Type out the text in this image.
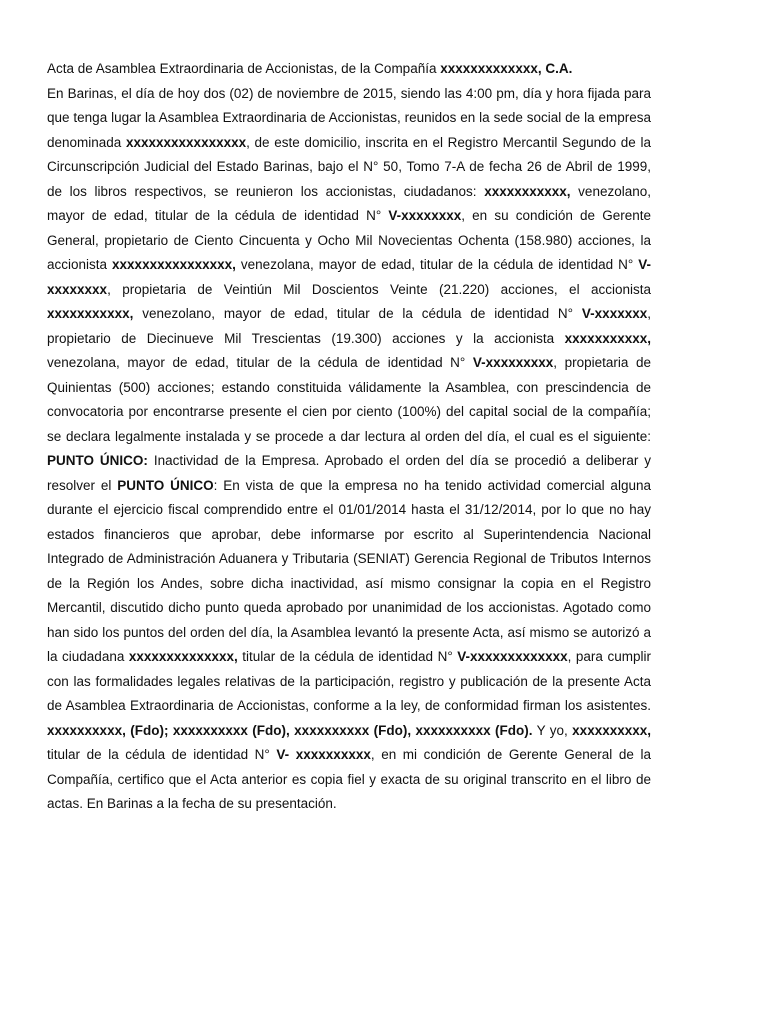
Acta de Asamblea Extraordinaria de Accionistas, de la Compañía xxxxxxxxxxxxx, C.A.
En Barinas, el día de hoy dos (02) de noviembre de 2015, siendo las 4:00 pm, día y hora fijada para que tenga lugar la Asamblea Extraordinaria de Accionistas, reunidos en la sede social de la empresa denominada xxxxxxxxxxxxxxxx, de este domicilio, inscrita en el Registro Mercantil Segundo de la Circunscripción Judicial del Estado Barinas, bajo el N° 50, Tomo 7-A de fecha 26 de Abril de 1999, de los libros respectivos, se reunieron los accionistas, ciudadanos: xxxxxxxxxxx, venezolano, mayor de edad, titular de la cédula de identidad N° V-xxxxxxxx, en su condición de Gerente General, propietario de Ciento Cincuenta y Ocho Mil Novecientas Ochenta (158.980) acciones, la accionista xxxxxxxxxxxxxxxx, venezolana, mayor de edad, titular de la cédula de identidad N° V-xxxxxxxx, propietaria de Veintiún Mil Doscientos Veinte (21.220) acciones, el accionista xxxxxxxxxxx, venezolano, mayor de edad, titular de la cédula de identidad N° V-xxxxxxx, propietario de Diecinueve Mil Trescientas (19.300) acciones y la accionista xxxxxxxxxxx, venezolana, mayor de edad, titular de la cédula de identidad N° V-xxxxxxxxx, propietaria de Quinientas (500) acciones; estando constituida válidamente la Asamblea, con prescindencia de convocatoria por encontrarse presente el cien por ciento (100%) del capital social de la compañía; se declara legalmente instalada y se procede a dar lectura al orden del día, el cual es el siguiente: PUNTO ÚNICO: Inactividad de la Empresa. Aprobado el orden del día se procedió a deliberar y resolver el PUNTO ÚNICO: En vista de que la empresa no ha tenido actividad comercial alguna durante el ejercicio fiscal comprendido entre el 01/01/2014 hasta el 31/12/2014, por lo que no hay estados financieros que aprobar, debe informarse por escrito al Superintendencia Nacional Integrado de Administración Aduanera y Tributaria (SENIAT) Gerencia Regional de Tributos Internos de la Región los Andes, sobre dicha inactividad, así mismo consignar la copia en el Registro Mercantil, discutido dicho punto queda aprobado por unanimidad de los accionistas. Agotado como han sido los puntos del orden del día, la Asamblea levantó la presente Acta, así mismo se autorizó a la ciudadana xxxxxxxxxxxxxx, titular de la cédula de identidad N° V-xxxxxxxxxxxxx, para cumplir con las formalidades legales relativas de la participación, registro y publicación de la presente Acta de Asamblea Extraordinaria de Accionistas, conforme a la ley, de conformidad firman los asistentes. xxxxxxxxxx, (Fdo); xxxxxxxxxx (Fdo), xxxxxxxxxx (Fdo), xxxxxxxxxx (Fdo). Y yo, xxxxxxxxxx, titular de la cédula de identidad N° V- xxxxxxxxxx, en mi condición de Gerente General de la Compañía, certifico que el Acta anterior es copia fiel y exacta de su original transcrito en el libro de actas. En Barinas a la fecha de su presentación.
